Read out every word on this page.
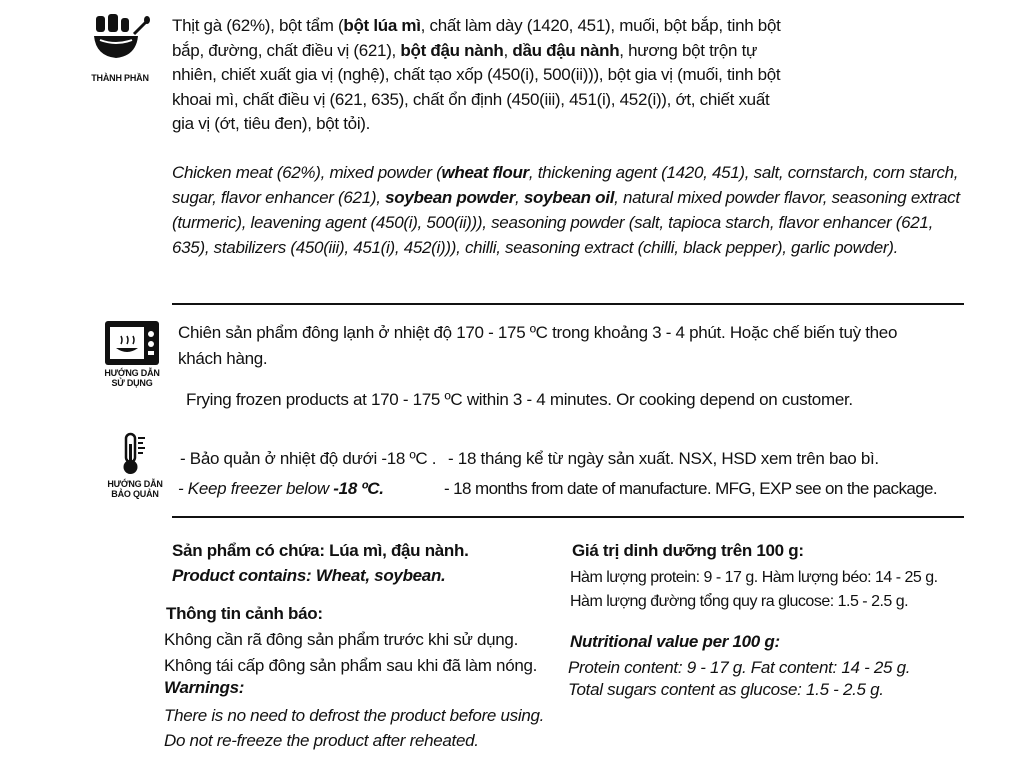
THÀNH PHẦN
Thịt gà (62%), bột tẩm (bột lúa mì, chất làm dày (1420, 451), muối, bột bắp, tinh bột bắp, đường, chất điều vị (621), bột đậu nành, dầu đậu nành, hương bột trộn tự nhiên, chiết xuất gia vị (nghệ), chất tạo xốp (450(i), 500(ii))), bột gia vị (muối, tinh bột khoai mì, chất điều vị (621, 635), chất ổn định (450(iii), 451(i), 452(i)), ớt, chiết xuất gia vị (ớt, tiêu đen), bột tỏi).
Chicken meat (62%), mixed powder (wheat flour, thickening agent (1420, 451), salt, cornstarch, corn starch, sugar, flavor enhancer (621), soybean powder, soybean oil, natural mixed powder flavor, seasoning extract (turmeric), leavening agent (450(i), 500(ii))), seasoning powder (salt, tapioca starch, flavor enhancer (621, 635), stabilizers (450(iii), 451(i), 452(i))), chilli, seasoning extract (chilli, black pepper), garlic powder).
HƯỚNG DẪN
SỬ DỤNG
Chiên sản phẩm đông lạnh ở nhiệt độ 170 - 175 ºC trong khoảng 3 - 4 phút. Hoặc chế biến tuỳ theo khách hàng.
Frying frozen products at 170 - 175 ºC within 3 - 4 minutes. Or cooking depend on customer.
HƯỚNG DẪN
BẢO QUẢN
- Bảo quản ở nhiệt độ dưới -18 ºC . - 18 tháng kể từ ngày sản xuất. NSX, HSD xem trên bao bì.
- Keep freezer below -18 ºC.	- 18 months from date of manufacture. MFG, EXP see on the package.
Sản phẩm có chứa: Lúa mì, đậu nành.
Product contains: Wheat, soybean.
Thông tin cảnh báo:
Không cần rã đông sản phẩm trước khi sử dụng.
Không tái cấp đông sản phẩm sau khi đã làm nóng.
Warnings:
There is no need to defrost the product before using.
Do not re-freeze the product after reheated.
Giá trị dinh dưỡng trên 100 g:
Hàm lượng protein: 9 - 17 g. Hàm lượng béo: 14 - 25 g.
Hàm lượng đường tổng quy ra glucose: 1.5 - 2.5 g.
Nutritional value per 100 g:
Protein content: 9 - 17 g. Fat content: 14 - 25 g.
Total sugars content as glucose: 1.5 - 2.5 g.
